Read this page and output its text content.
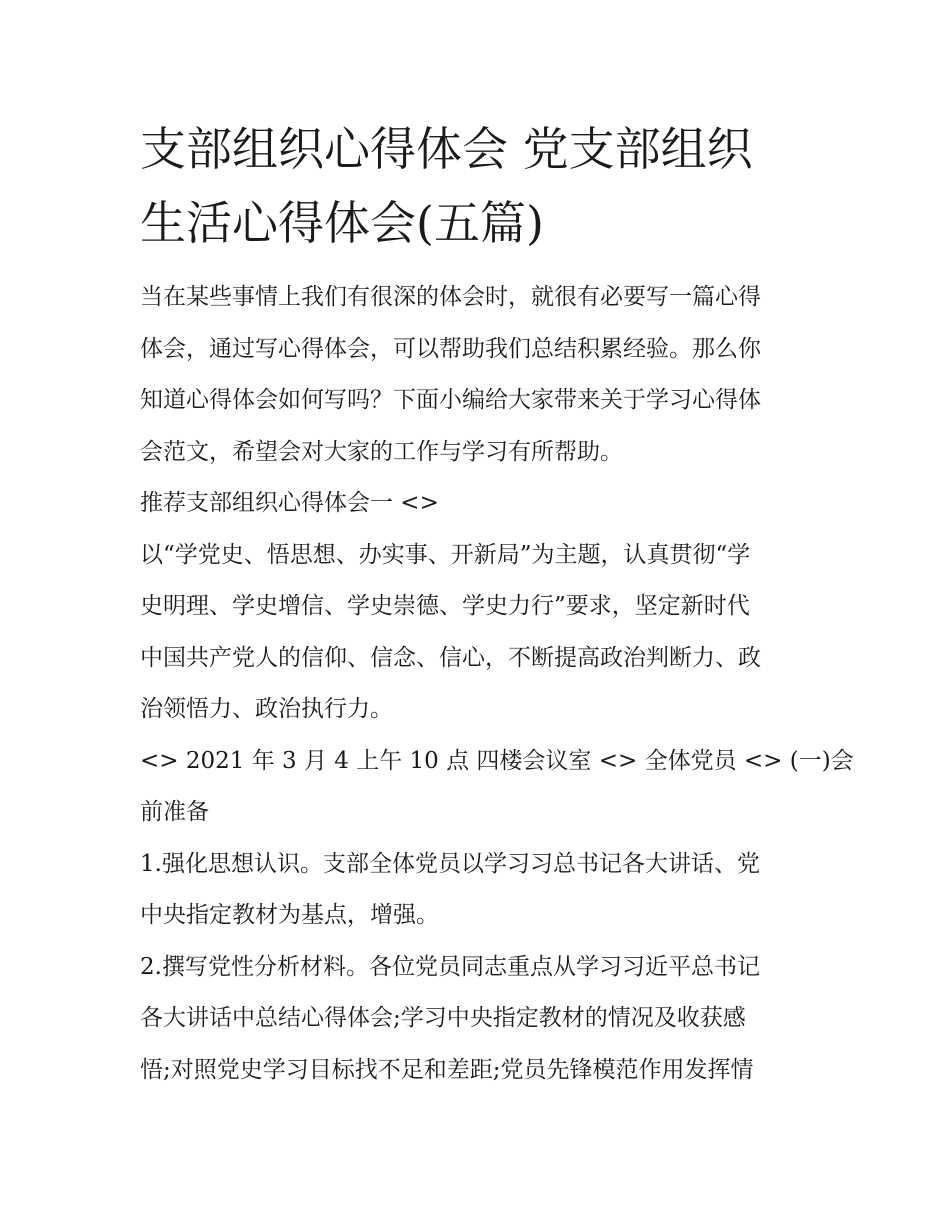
支部组织心得体会 党支部组织
生活心得体会(五篇)

当在某些事情上我们有很深的体会时，就很有必要写一篇心得
体会，通过写心得体会，可以帮助我们总结积累经验。那么你
知道心得体会如何写吗？下面小编给大家带来关于学习心得体
会范文，希望会对大家的工作与学习有所帮助。

推荐支部组织心得体会一 <>

以“学党史、悟思想、办实事、开新局”为主题，认真贯彻“学
史明理、学史增信、学史崇德、学史力行”要求，坚定新时代
中国共产党人的信仰、信念、信心，不断提高政治判断力、政
治领悟力、政治执行力。

<> 2021 年 3 月 4 上午 10 点 四楼会议室 <> 全体党员 <> (一)会
前准备

1.强化思想认识。支部全体党员以学习习总书记各大讲话、党
中央指定教材为基点，增强。

2.撰写党性分析材料。各位党员同志重点从学习习近平总书记
各大讲话中总结心得体会;学习中央指定教材的情况及收获感
悟;对照党史学习目标找不足和差距;党员先锋模范作用发挥情
